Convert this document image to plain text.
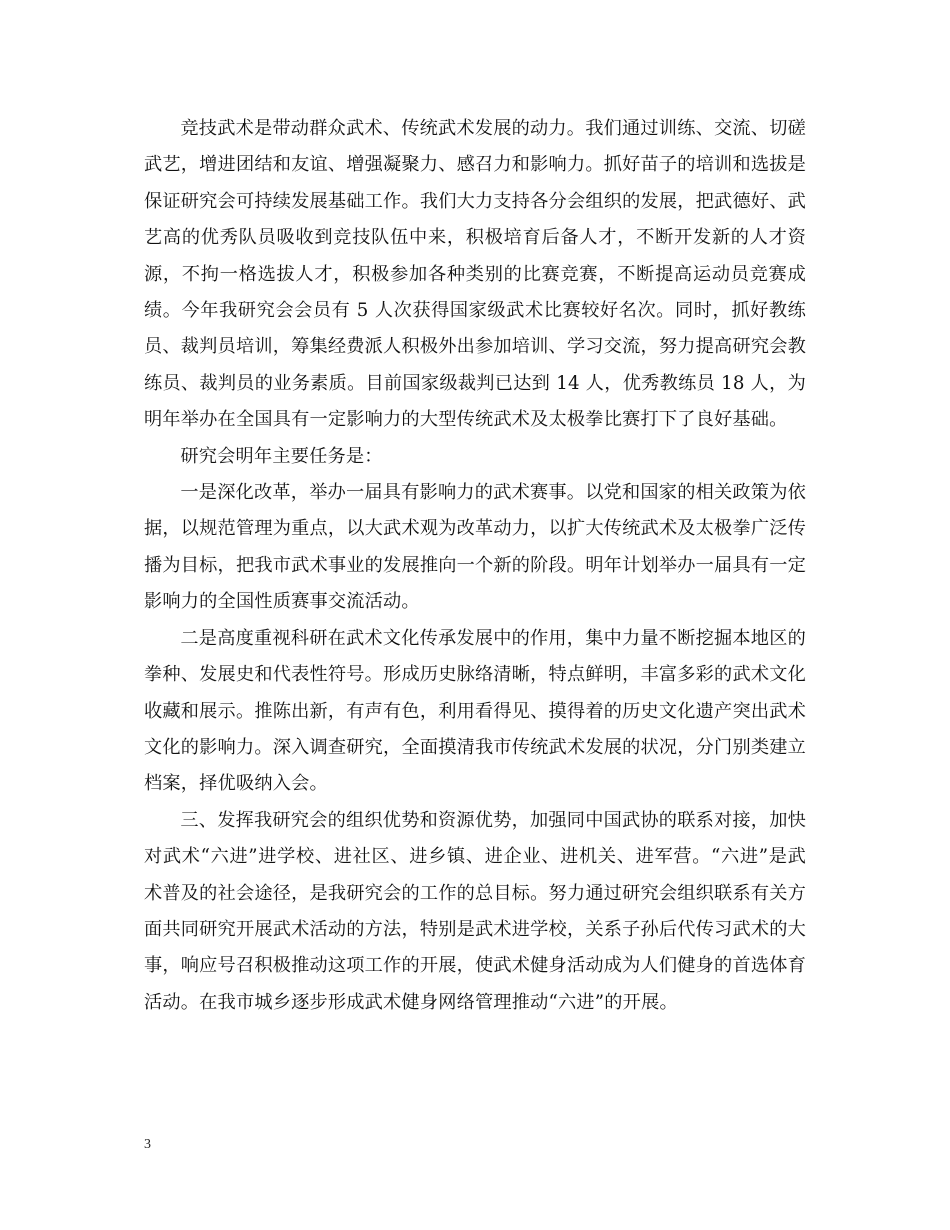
竞技武术是带动群众武术、传统武术发展的动力。我们通过训练、交流、切磋武艺，增进团结和友谊、增强凝聚力、感召力和影响力。抓好苗子的培训和选拔是保证研究会可持续发展基础工作。我们大力支持各分会组织的发展，把武德好、武艺高的优秀队员吸收到竞技队伍中来，积极培育后备人才，不断开发新的人才资源，不拘一格选拔人才，积极参加各种类别的比赛竞赛，不断提高运动员竞赛成绩。今年我研究会会员有 5 人次获得国家级武术比赛较好名次。同时，抓好教练员、裁判员培训，筹集经费派人积极外出参加培训、学习交流，努力提高研究会教练员、裁判员的业务素质。目前国家级裁判已达到 14 人，优秀教练员 18 人，为明年举办在全国具有一定影响力的大型传统武术及太极拳比赛打下了良好基础。

研究会明年主要任务是：

一是深化改革，举办一届具有影响力的武术赛事。以党和国家的相关政策为依据，以规范管理为重点，以大武术观为改革动力，以扩大传统武术及太极拳广泛传播为目标，把我市武术事业的发展推向一个新的阶段。明年计划举办一届具有一定影响力的全国性质赛事交流活动。

二是高度重视科研在武术文化传承发展中的作用，集中力量不断挖掘本地区的拳种、发展史和代表性符号。形成历史脉络清晰，特点鲜明，丰富多彩的武术文化收藏和展示。推陈出新，有声有色，利用看得见、摸得着的历史文化遗产突出武术文化的影响力。深入调查研究，全面摸清我市传统武术发展的状况，分门别类建立档案，择优吸纳入会。

三、发挥我研究会的组织优势和资源优势，加强同中国武协的联系对接，加快对武术“六进”进学校、进社区、进乡镇、进企业、进机关、进军营。“六进”是武术普及的社会途径，是我研究会的工作的总目标。努力通过研究会组织联系有关方面共同研究开展武术活动的方法，特别是武术进学校，关系子孙后代传习武术的大事，响应号召积极推动这项工作的开展，使武术健身活动成为人们健身的首选体育活动。在我市城乡逐步形成武术健身网络管理推动“六进”的开展。

3
